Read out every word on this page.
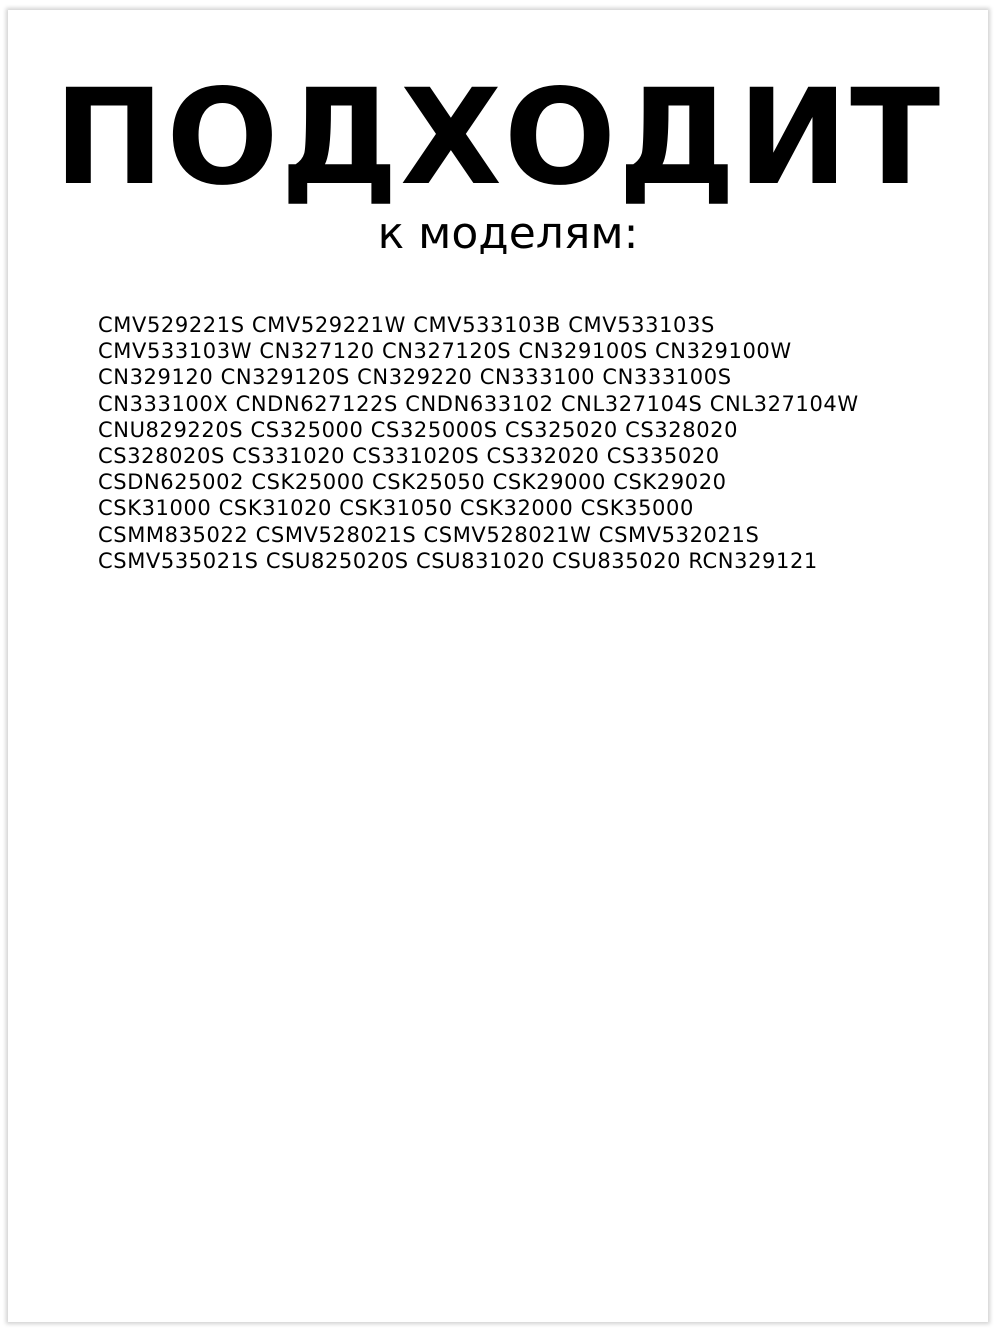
ПОДХОДИТ

к моделям:

CMV529221S CMV529221W CMV533103B CMV533103S
CMV533103W CN327120 CN327120S CN329100S CN329100W
CN329120 CN329120S CN329220 CN333100 CN333100S
CN333100X CNDN627122S CNDN633102 CNL327104S CNL327104W
CNU829220S CS325000 CS325000S CS325020 CS328020
CS328020S CS331020 CS331020S CS332020 CS335020
CSDN625002 CSK25000 CSK25050 CSK29000 CSK29020
CSK31000 CSK31020 CSK31050 CSK32000 CSK35000
CSMM835022 CSMV528021S CSMV528021W CSMV532021S
CSMV535021S CSU825020S CSU831020 CSU835020 RCN329121
